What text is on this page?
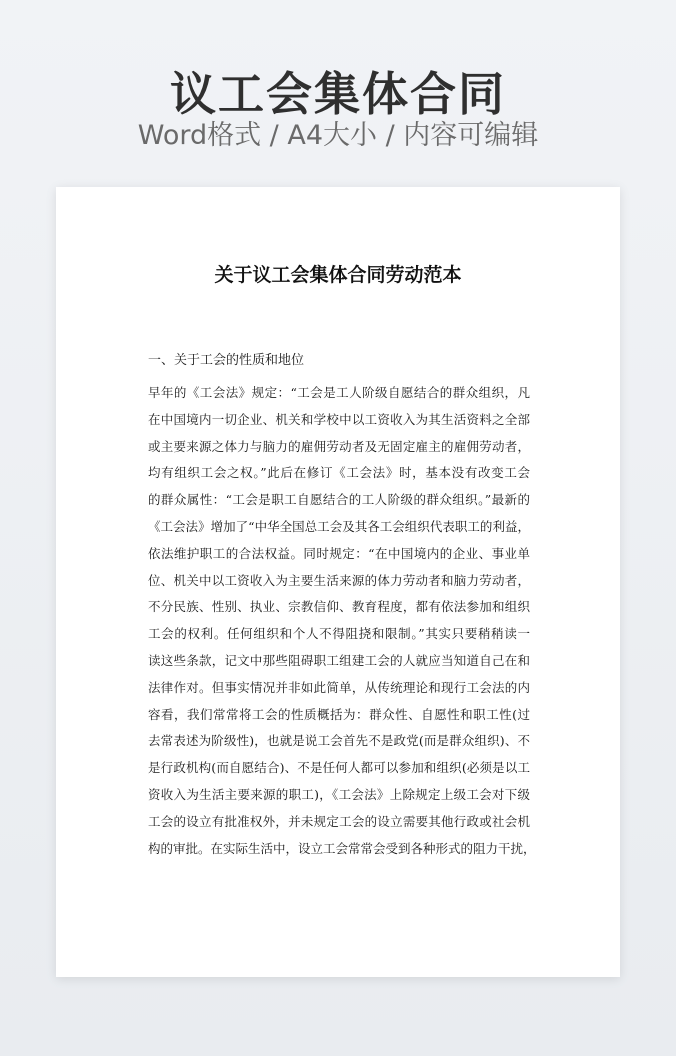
议工会集体合同
Word格式 / A4大小 / 内容可编辑
关于议工会集体合同劳动范本
一、关于工会的性质和地位
早年的《工会法》规定：“工会是工人阶级自愿结合的群众组织，凡
在中国境内一切企业、机关和学校中以工资收入为其生活资料之全部
或主要来源之体力与脑力的雇佣劳动者及无固定雇主的雇佣劳动者，
均有组织工会之权。”此后在修订《工会法》时，基本没有改变工会
的群众属性：“工会是职工自愿结合的工人阶级的群众组织。”最新的
《工会法》增加了“中华全国总工会及其各工会组织代表职工的利益，
依法维护职工的合法权益。同时规定：“在中国境内的企业、事业单
位、机关中以工资收入为主要生活来源的体力劳动者和脑力劳动者，
不分民族、性别、执业、宗教信仰、教育程度，都有依法参加和组织
工会的权利。任何组织和个人不得阻挠和限制。”其实只要稍稍读一
读这些条款，记文中那些阻碍职工组建工会的人就应当知道自己在和
法律作对。但事实情况并非如此简单，从传统理论和现行工会法的内
容看，我们常常将工会的性质概括为：群众性、自愿性和职工性(过
去常表述为阶级性)，也就是说工会首先不是政党(而是群众组织)、不
是行政机构(而自愿结合)、不是任何人都可以参加和组织(必须是以工
资收入为生活主要来源的职工)，《工会法》上除规定上级工会对下级
工会的设立有批准权外，并未规定工会的设立需要其他行政或社会机
构的审批。在实际生活中，设立工会常常会受到各种形式的阻力干扰，
